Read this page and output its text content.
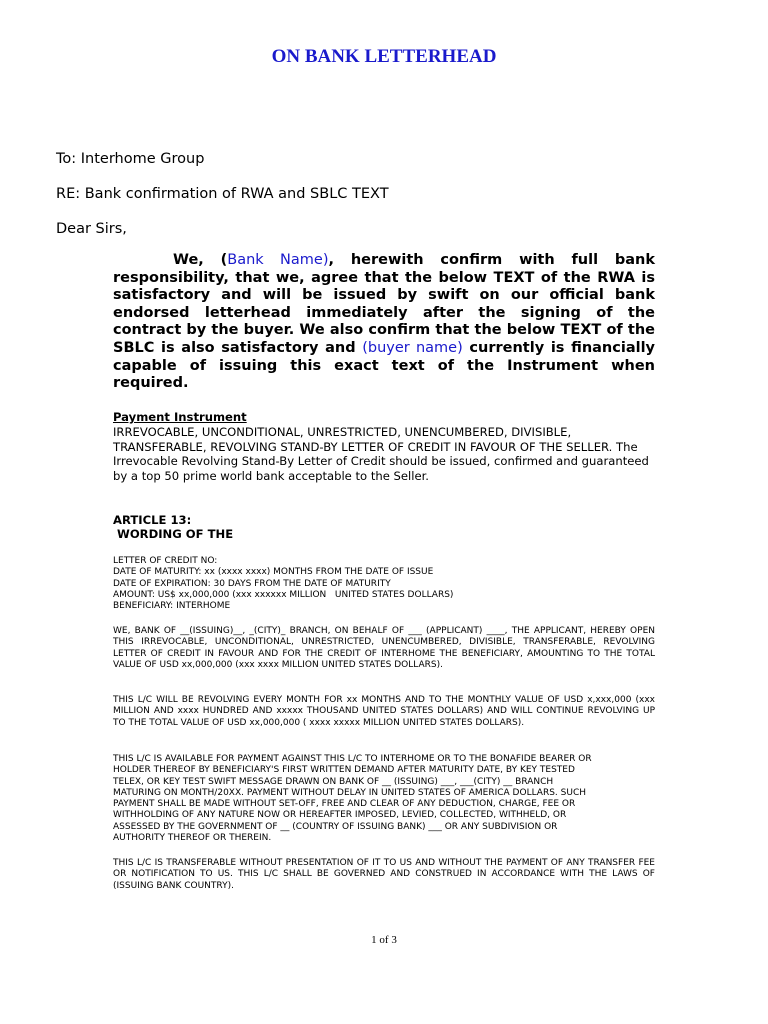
ON BANK LETTERHEAD
To: Interhome Group
RE: Bank confirmation of RWA and SBLC TEXT
Dear Sirs,
We, (Bank Name), herewith confirm with full bank responsibility, that we, agree that the below TEXT of the RWA is satisfactory and will be issued by swift on our official bank endorsed letterhead immediately after the signing of the contract by the buyer. We also confirm that the below TEXT of the SBLC is also satisfactory and (buyer name) currently is financially capable of issuing this exact text of the Instrument when required.
Payment Instrument
IRREVOCABLE, UNCONDITIONAL, UNRESTRICTED, UNENCUMBERED, DIVISIBLE, TRANSFERABLE, REVOLVING STAND-BY LETTER OF CREDIT IN FAVOUR OF THE SELLER. The Irrevocable Revolving Stand-By Letter of Credit should be issued, confirmed and guaranteed by a top 50 prime world bank acceptable to the Seller.
ARTICLE 13:
WORDING OF THE
LETTER OF CREDIT NO:
DATE OF MATURITY: xx (xxxx xxxx) MONTHS FROM THE DATE OF ISSUE
DATE OF EXPIRATION: 30 DAYS FROM THE DATE OF MATURITY
AMOUNT: US$ xx,000,000 (xxx xxxxxx MILLION   UNITED STATES DOLLARS)
BENEFICIARY: INTERHOME
WE, BANK OF __(ISSUING)__, _(CITY)_ BRANCH, ON BEHALF OF ___ (APPLICANT) ____, THE APPLICANT, HEREBY OPEN THIS IRREVOCABLE, UNCONDITIONAL, UNRESTRICTED, UNENCUMBERED, DIVISIBLE, TRANSFERABLE, REVOLVING LETTER OF CREDIT IN FAVOUR AND FOR THE CREDIT OF INTERHOME THE BENEFICIARY, AMOUNTING TO THE TOTAL VALUE OF USD xx,000,000 (xxx xxxx MILLION UNITED STATES DOLLARS).
THIS L/C WILL BE REVOLVING EVERY MONTH FOR xx MONTHS AND TO THE MONTHLY VALUE OF USD x,xxx,000 (xxx MILLION AND xxxx HUNDRED AND xxxxx THOUSAND UNITED STATES DOLLARS) AND WILL CONTINUE REVOLVING UP TO THE TOTAL VALUE OF USD xx,000,000 ( xxxx xxxxx MILLION UNITED STATES DOLLARS).
THIS L/C IS AVAILABLE FOR PAYMENT AGAINST THIS L/C TO INTERHOME OR TO THE BONAFIDE BEARER OR
HOLDER THEREOF BY BENEFICIARY'S FIRST WRITTEN DEMAND AFTER MATURITY DATE, BY KEY TESTED
TELEX, OR KEY TEST SWIFT MESSAGE DRAWN ON BANK OF __ (ISSUING) ___, ___(CITY) __ BRANCH
MATURING ON MONTH/20XX. PAYMENT WITHOUT DELAY IN UNITED STATES OF AMERICA DOLLARS. SUCH
PAYMENT SHALL BE MADE WITHOUT SET-OFF, FREE AND CLEAR OF ANY DEDUCTION, CHARGE, FEE OR
WITHHOLDING OF ANY NATURE NOW OR HEREAFTER IMPOSED, LEVIED, COLLECTED, WITHHELD, OR
ASSESSED BY THE GOVERNMENT OF __ (COUNTRY OF ISSUING BANK) ___ OR ANY SUBDIVISION OR
AUTHORITY THEREOF OR THEREIN.
THIS L/C IS TRANSFERABLE WITHOUT PRESENTATION OF IT TO US AND WITHOUT THE PAYMENT OF ANY TRANSFER FEE OR NOTIFICATION TO US. THIS L/C SHALL BE GOVERNED AND CONSTRUED IN ACCORDANCE WITH THE LAWS OF (ISSUING BANK COUNTRY).
1 of 3
